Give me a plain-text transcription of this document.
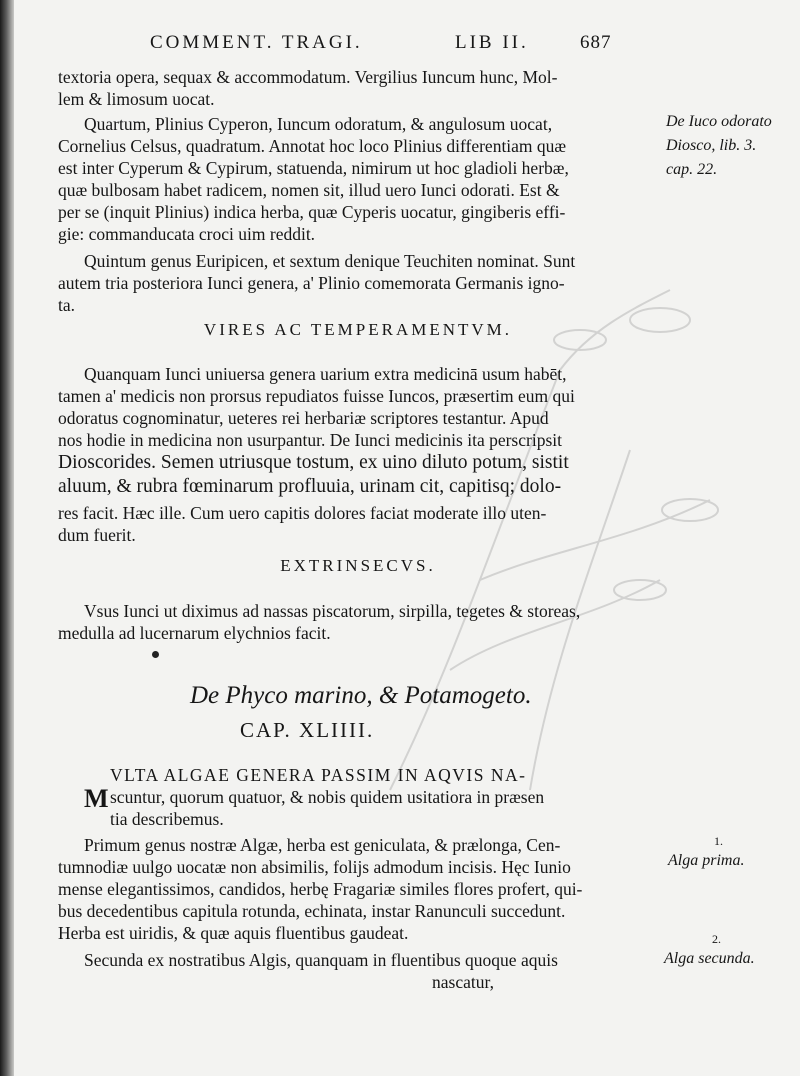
COMMENT. TRAGI.	LIB II.	687
textoria opera, sequax & accommodatum. Vergilius Iuncum hunc, Mol-
lem & limosum uocat.
Quartum, Plinius Cyperon, Iuncum odoratum, & angulosum uocat,
Cornelius Celsus, quadratum. Annotat hoc loco Plinius differentiam quæ
est inter Cyperum & Cypirum, statuenda, nimirum ut hoc gladioli herbæ,
quæ bulbosam habet radicem, nomen sit, illud uero Iunci odorati. Est &
per se (inquit Plinius) indica herba, quæ Cyperis uocatur, gingiberis effi-
gie: commanducata croci uim reddit.
Quintum genus Euripicen, et sextum denique Teuchiten nominat. Sunt
autem tria posteriora Iunci genera, a' Plinio comemorata Germanis igno-
ta.
VIRES AC TEMPERAMENTVM.
Quanquam Iunci uniuersa genera uarium extra medicinā usum habēt,
tamen a' medicis non prorsus repudiatos fuisse Iuncos, præsertim eum qui
odoratus cognominatur, ueteres rei herbariæ scriptores testantur. Apud
nos hodie in medicina non usurpantur. De Iunci medicinis ita perscripsit
Dioscorides. Semen utriusque tostum, ex uino diluto potum, sistit
aluum, & rubra fœminarum profluuia, urinam cit, capitisq; dolo-
res facit. Hæc ille. Cum uero capitis dolores faciat moderate illo uten-
dum fuerit.
EXTRINSECVS.
Vsus Iunci ut diximus ad nassas piscatorum, sirpilla, tegetes & storeas,
medulla ad lucernarum elychnios facit.
De Phyco marino, & Potamogeto.
CAP. XLIIII.
M
VLTA ALGAE GENERA PASSIM IN AQVIS NA-
scuntur, quorum quatuor, & nobis quidem usitatiora in præsen
tia describemus.
Primum genus nostræ Algæ, herba est geniculata, & prælonga, Cen-
tumnodiæ uulgo uocatæ non absimilis, folijs admodum incisis. Hęc Iunio
mense elegantissimos, candidos, herbę Fragariæ similes flores profert, qui-
bus decedentibus capitula rotunda, echinata, instar Ranunculi succedunt.
Herba est uiridis, & quæ aquis fluentibus gaudeat.
Secunda ex nostratibus Algis, quanquam in fluentibus quoque aquis
nascatur,
De Iuco odorato
Diosco, lib. 3.
cap. 22.
1.
Alga prima.
2.
Alga secunda.
